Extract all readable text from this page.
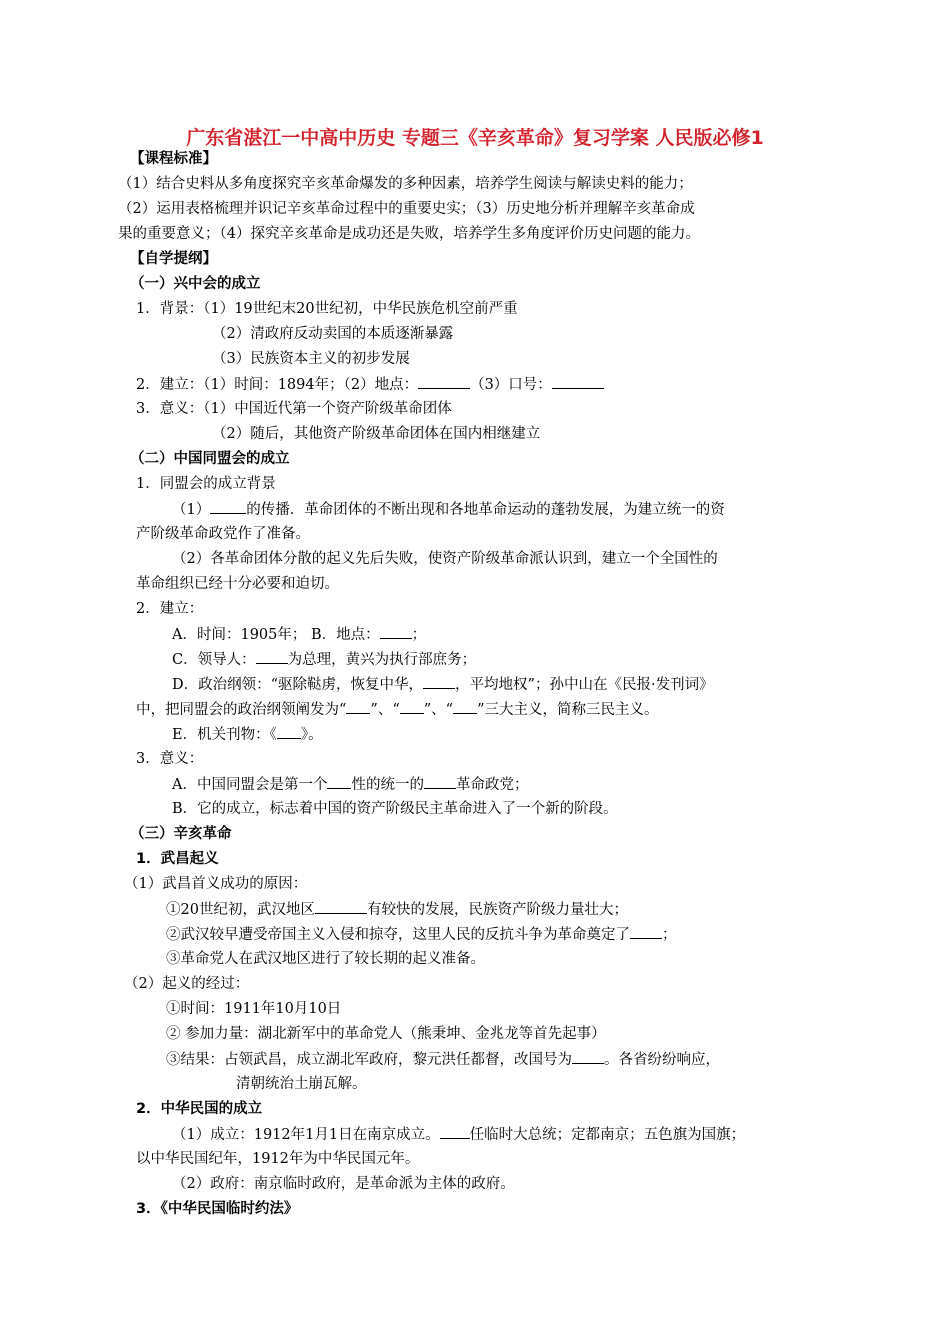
广东省湛江一中高中历史 专题三《辛亥革命》复习学案 人民版必修1
【课程标准】
（1）结合史料从多角度探究辛亥革命爆发的多种因素，培养学生阅读与解读史料的能力；
（2）运用表格梳理并识记辛亥革命过程中的重要史实；（3）历史地分析并理解辛亥革命成
果的重要意义；（4）探究辛亥革命是成功还是失败，培养学生多角度评价历史问题的能力。
【自学提纲】
（一）兴中会的成立
1．背景：（1）19世纪末20世纪初，中华民族危机空前严重
（2）清政府反动卖国的本质逐渐暴露
（3）民族资本主义的初步发展
2．建立：（1）时间：1894年；（2）地点：	（3）口号：
3．意义：（1）中国近代第一个资产阶级革命团体
（2）随后，其他资产阶级革命团体在国内相继建立
（二）中国同盟会的成立
1．同盟会的成立背景
（1） 的传播．革命团体的不断出现和各地革命运动的蓬勃发展，为建立统一的资
产阶级革命政党作了准备。
（2）各革命团体分散的起义先后失败，使资产阶级革命派认识到，建立一个全国性的
革命组织已经十分必要和迫切。
2．建立：
A．时间：1905年； B．地点： ；
C．领导人： 为总理，黄兴为执行部庶务；
D．政治纲领：“驱除鞑虏，恢复中华， ，平均地权”；孙中山在《民报·发刊词》
中，把同盟会的政治纲领阐发为“ ”、“ ”、“ ”三大主义，简称三民主义。
E．机关刊物：《 》。
3．意义：
A．中国同盟会是第一个 性的统一的 革命政党；
B．它的成立，标志着中国的资产阶级民主革命进入了一个新的阶段。
（三）辛亥革命
1．武昌起义
（1）武昌首义成功的原因：
①20世纪初，武汉地区	有较快的发展，民族资产阶级力量壮大；
②武汉较早遭受帝国主义入侵和掠夺，这里人民的反抗斗争为革命奠定了 ；
③革命党人在武汉地区进行了较长期的起义准备。
（2）起义的经过：
①时间：1911年10月10日
② 参加力量：湖北新军中的革命党人（熊秉坤、金兆龙等首先起事）
③结果：占领武昌，成立湖北军政府，黎元洪任都督，改国号为 。各省纷纷响应，
清朝统治土崩瓦解。
2．中华民国的成立
（1）成立：1912年1月1日在南京成立。 任临时大总统；定都南京；五色旗为国旗；
以中华民国纪年，1912年为中华民国元年。
（2）政府：南京临时政府，是革命派为主体的政府。
3．《中华民国临时约法》
